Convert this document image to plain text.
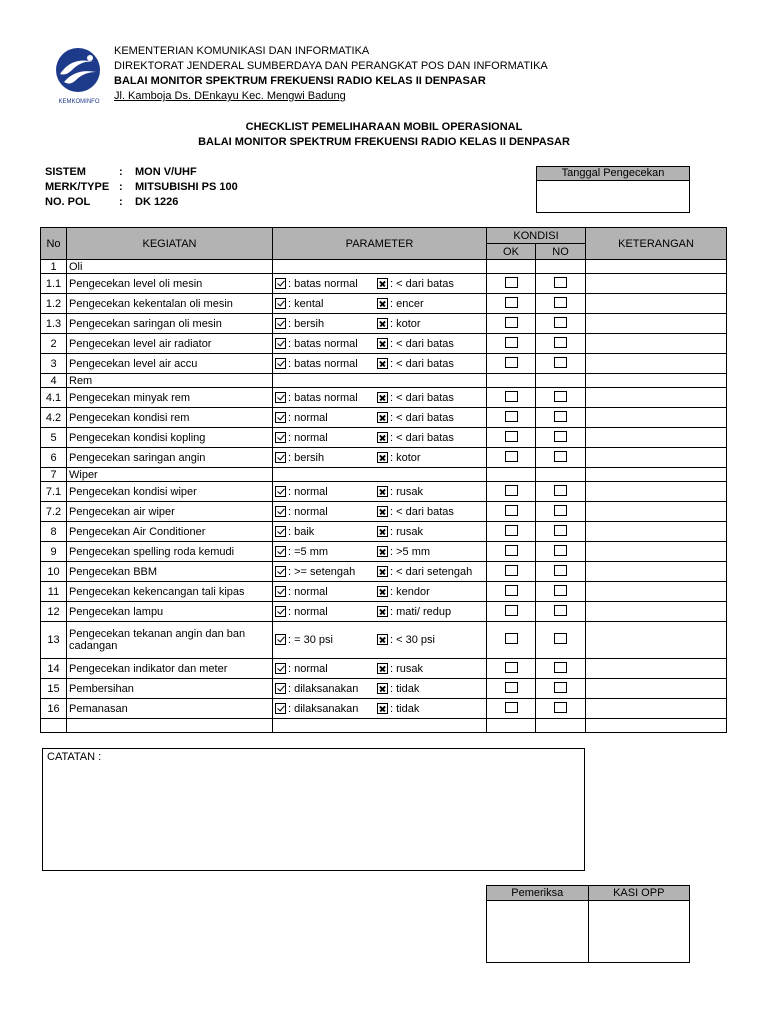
KEMKOMINFO
KEMENTERIAN KOMUNIKASI DAN INFORMATIKA
DIREKTORAT JENDERAL SUMBERDAYA DAN PERANGKAT POS DAN INFORMATIKA
BALAI MONITOR SPEKTRUM FREKUENSI RADIO KELAS II DENPASAR
Jl. Kamboja Ds. DEnkayu Kec. Mengwi Badung
CHECKLIST PEMELIHARAAN MOBIL OPERASIONAL
BALAI MONITOR SPEKTRUM FREKUENSI RADIO KELAS II DENPASAR
SISTEM	:	MON V/UHF
MERK/TYPE :	MITSUBISHI PS 100
NO. POL	:	DK 1226
Tanggal Pengecekan
No	KEGIATAN	PARAMETER	KONDISI		KETERANGAN
			OK	NO	
1	Oli				
1.1	Pengecekan level oli mesin	: batas normal : < dari batas			
1.2	Pengecekan kekentalan oli mesin	: kental : encer			
1.3	Pengecekan saringan oli mesin	: bersih : kotor			
2	Pengecekan level air radiator	: batas normal : < dari batas			
3	Pengecekan level air accu	: batas normal : < dari batas			
4	Rem				
4.1	Pengecekan minyak rem	: batas normal : < dari batas			
4.2	Pengecekan kondisi rem	: normal : < dari batas			
5	Pengecekan kondisi kopling	: normal : < dari batas			
6	Pengecekan saringan angin	: bersih : kotor			
7	Wiper				
7.1	Pengecekan kondisi wiper	: normal : rusak			
7.2	Pengecekan air wiper	: normal : < dari batas			
8	Pengecekan Air Conditioner	: baik : rusak			
9	Pengecekan spelling roda kemudi	: =5 mm : >5 mm			
10	Pengecekan BBM	: >= setengah : < dari setengah			
11	Pengecekan kekencangan tali kipas	: normal : kendor			
12	Pengecekan lampu	: normal : mati/ redup			
13	Pengecekan tekanan angin dan ban cadangan	: = 30 psi : < 30 psi			
14	Pengecekan indikator dan meter	: normal : rusak			
15	Pembersihan	: dilaksanakan : tidak			
16	Pemanasan	: dilaksanakan : tidak			

CATATAN :
Pemeriksa	KASI OPP
